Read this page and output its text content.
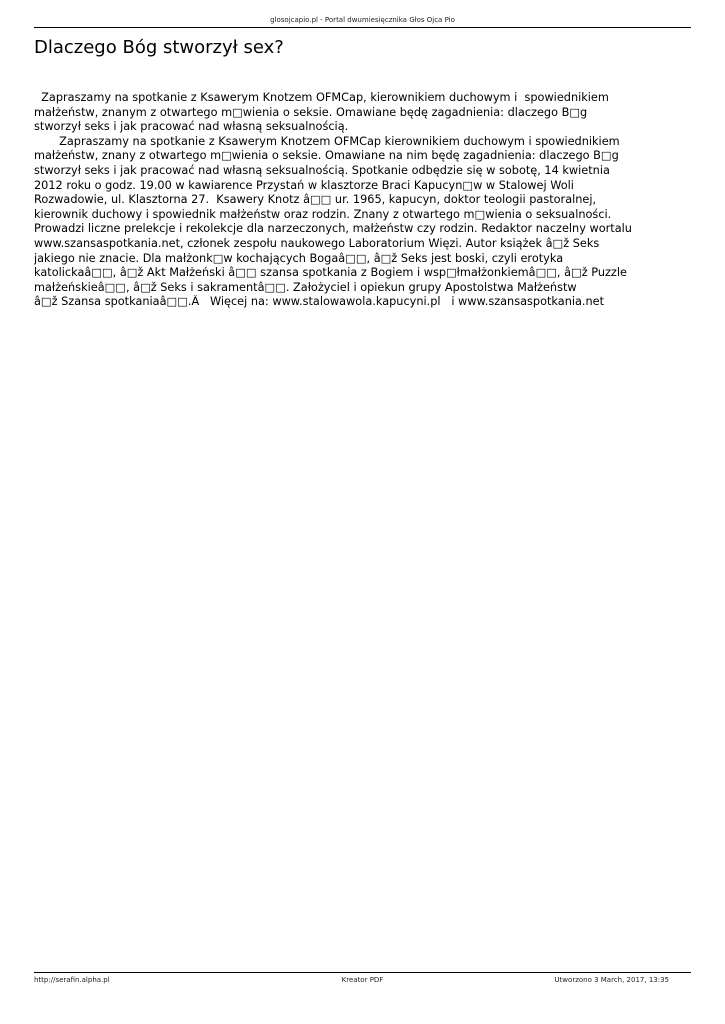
glosojcapio.pl - Portal dwumiesięcznika Głos Ojca Pio
Dlaczego Bóg stworzył sex?
Zapraszamy na spotkanie z Ksawerym Knotzem OFMCap, kierownikiem duchowym i  spowiednikiem
małżeństw, znanym z otwartego m□wienia o seksie. Omawiane będę zagadnienia: dlaczego B□g
stworzył seks i jak pracować nad własną seksualnością.
Zapraszamy na spotkanie z Ksawerym Knotzem OFMCap kierownikiem duchowym i spowiednikiem
małżeństw, znany z otwartego m□wienia o seksie. Omawiane na nim będę zagadnienia: dlaczego B□g
stworzył seks i jak pracować nad własną seksualnością. Spotkanie odbędzie się w sobotę, 14 kwietnia
2012 roku o godz. 19.00 w kawiarence Przystań w klasztorze Braci Kapucyn□w w Stalowej Woli
Rozwadowie, ul. Klasztorna 27.  Ksawery Knotz â□□ ur. 1965, kapucyn, doktor teologii pastoralnej,
kierownik duchowy i spowiednik małżeństw oraz rodzin. Znany z otwartego m□wienia o seksualności.
Prowadzi liczne prelekcje i rekolekcje dla narzeczonych, małżeństw czy rodzin. Redaktor naczelny wortalu
www.szansaspotkania.net, członek zespołu naukowego Laboratorium Więzi. Autor książek â□ž Seks
jakiego nie znacie. Dla małżonk□w kochających Bogaâ□□, â□ž Seks jest boski, czyli erotyka
katolickaâ□□, â□ž Akt Małżeński â□□ szansa spotkania z Bogiem i wsp□łmałżonkiemâ□□, â□ž Puzzle
małżeńskieâ□□, â□ž Seks i sakramentâ□□. Założyciel i opiekun grupy Apostolstwa Małżeństw
â□ž Szansa spotkaniaâ□□.Â   Więcej na: www.stalowawola.kapucyni.pl   i www.szansaspotkania.net
http://serafin.alpha.pl	Kreator PDF	Utworzono 3 March, 2017, 13:35
